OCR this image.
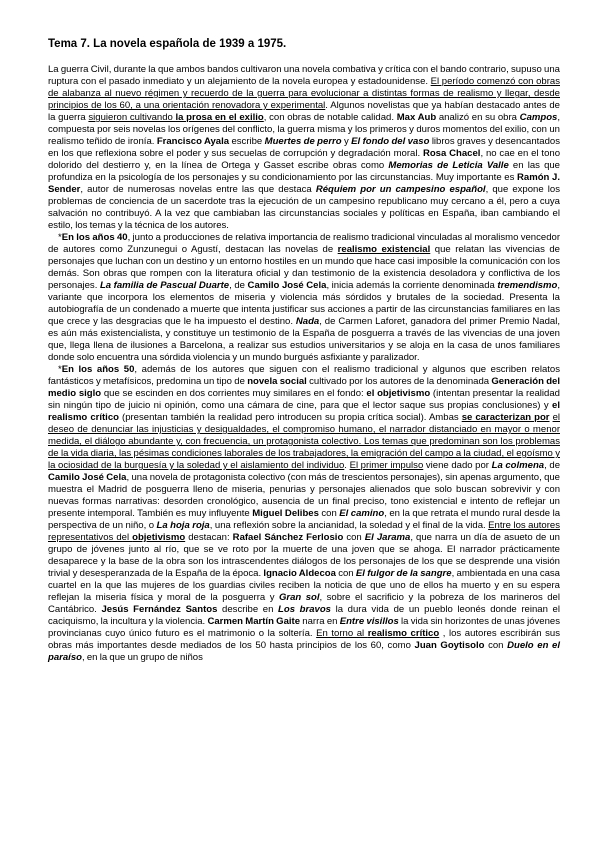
Tema 7. La novela española de 1939 a 1975.

La guerra Civil, durante la que ambos bandos cultivaron una novela combativa y crítica con el bando contrario, supuso una ruptura con el pasado inmediato y un alejamiento de la novela europea y estadounidense. El período comenzó con obras de alabanza al nuevo régimen y recuerdo de la guerra para evolucionar a distintas formas de realismo y llegar, desde principios de los 60, a una orientación renovadora y experimental. Algunos novelistas que ya habían destacado antes de la guerra siguieron cultivando la prosa en el exilio, con obras de notable calidad. Max Aub analizó en su obra Campos, compuesta por seis novelas los orígenes del conflicto, la guerra misma y los primeros y duros momentos del exilio, con un realismo teñido de ironía. Francisco Ayala escribe Muertes de perro y El fondo del vaso libros graves y desencantados en los que reflexiona sobre el poder y sus secuelas de corrupción y degradación moral. Rosa Chacel, no cae en el tono dolorido del destierro y, en la línea de Ortega y Gasset escribe obras como Memorias de Leticia Valle en las que profundiza en la psicología de los personajes y su condicionamiento por las circunstancias. Muy importante es Ramón J. Sender, autor de numerosas novelas entre las que destaca Réquiem por un campesino español, que expone los problemas de conciencia de un sacerdote tras la ejecución de un campesino republicano muy cercano a él, pero a cuya salvación no contribuyó. A la vez que cambiaban las circunstancias sociales y políticas en España, iban cambiando el estilo, los temas y la técnica de los autores.

*En los años 40, junto a producciones de relativa importancia de realismo tradicional vinculadas al moralismo vencedor de autores como Zunzunegui o Agustí, destacan las novelas de realismo existencial que relatan las vivencias de personajes que luchan con un destino y un entorno hostiles en un mundo que hace casi imposible la comunicación con los demás. Son obras que rompen con la literatura oficial y dan testimonio de la existencia desoladora y conflictiva de los personajes. La familia de Pascual Duarte, de Camilo José Cela, inicia además la corriente denominada tremendismo, variante que incorpora los elementos de miseria y violencia más sórdidos y brutales de la sociedad. Presenta la autobiografía de un condenado a muerte que intenta justificar sus acciones a partir de las circunstancias familiares en las que crece y las desgracias que le ha impuesto el destino. Nada, de Carmen Laforet, ganadora del primer Premio Nadal, es aún más existencialista, y constituye un testimonio de la España de posguerra a través de las vivencias de una joven que, llega llena de ilusiones a Barcelona, a realizar sus estudios universitarios y se aloja en la casa de unos familiares donde solo encuentra una sórdida violencia y un mundo burgués asfixiante y paralizador.

*En los años 50, además de los autores que siguen con el realismo tradicional y algunos que escriben relatos fantásticos y metafísicos, predomina un tipo de novela social cultivado por los autores de la denominada Generación del medio siglo que se escinden en dos corrientes muy similares en el fondo: el objetivismo (intentan presentar la realidad sin ningún tipo de juicio ni opinión, como una cámara de cine, para que el lector saque sus propias conclusiones) y el realismo crítico (presentan también la realidad pero introducen su propia crítica social). Ambas se caracterizan por el deseo de denunciar las injusticias y desigualdades, el compromiso humano, el narrador distanciado en mayor o menor medida, el diálogo abundante y, con frecuencia, un protagonista colectivo. Los temas que predominan son los problemas de la vida diaria, las pésimas condiciones laborales de los trabajadores, la emigración del campo a la ciudad, el egoísmo y la ociosidad de la burguesía y la soledad y el aislamiento del individuo. El primer impulso viene dado por La colmena, de Camilo José Cela, una novela de protagonista colectivo (con más de trescientos personajes), sin apenas argumento, que muestra el Madrid de posguerra lleno de miseria, penurias y personajes alienados que solo buscan sobrevivir y con nuevas formas narrativas: desorden cronológico, ausencia de un final preciso, tono existencial e intento de reflejar un presente intemporal. También es muy influyente Miguel Delibes con El camino, en la que retrata el mundo rural desde la perspectiva de un niño, o La hoja roja, una reflexión sobre la ancianidad, la soledad y el final de la vida. Entre los autores representativos del objetivismo destacan: Rafael Sánchez Ferlosio con El Jarama, que narra un día de asueto de un grupo de jóvenes junto al río, que se ve roto por la muerte de una joven que se ahoga. El narrador prácticamente desaparece y la base de la obra son los intrascendentes diálogos de los personajes de los que se desprende una visión trivial y desesperanzada de la España de la época. Ignacio Aldecoa con El fulgor de la sangre, ambientada en una casa cuartel en la que las mujeres de los guardias civiles reciben la noticia de que uno de ellos ha muerto y en su espera reflejan la miseria física y moral de la posguerra y Gran sol, sobre el sacrificio y la pobreza de los marineros del Cantábrico. Jesús Fernández Santos describe en Los bravos la dura vida de un pueblo leonés donde reinan el caciquismo, la incultura y la violencia. Carmen Martín Gaite narra en Entre visillos la vida sin horizontes de unas jóvenes provincianas cuyo único futuro es el matrimonio o la soltería. En torno al realismo crítico , los autores escribirán sus obras más importantes desde mediados de los 50 hasta principios de los 60, como Juan Goytisolo con Duelo en el paraíso, en la que un grupo de niños
